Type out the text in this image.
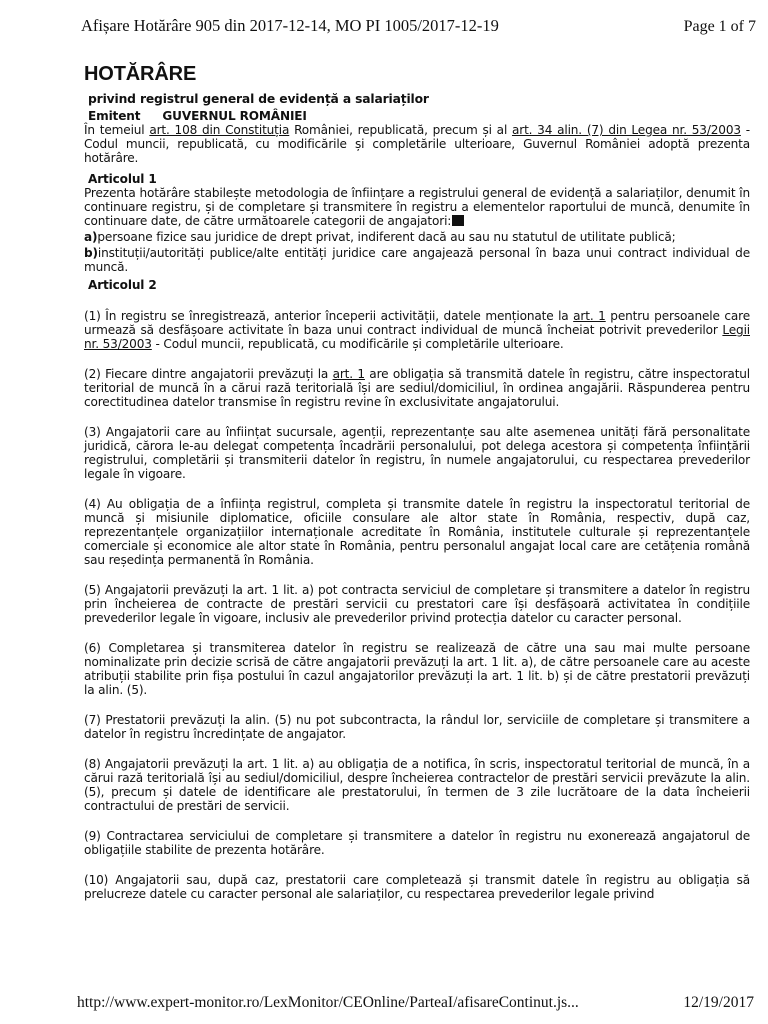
Afișare Hotărâre 905 din 2017-12-14, MO PI 1005/2017-12-19	Page 1 of 7
HOTĂRÂRE
privind registrul general de evidență a salariaților
Emitent GUVERNUL ROMÂNIEI

În temeiul art. 108 din Constituția României, republicată, precum și al art. 34 alin. (7) din Legea nr. 53/2003 - Codul muncii, republicată, cu modificările și completările ulterioare, Guvernul României adoptă prezenta hotărâre.

Articolul 1

Prezenta hotărâre stabilește metodologia de înființare a registrului general de evidență a salariaților, denumit în continuare registru, și de completare și transmitere în registru a elementelor raportului de muncă, denumite în continuare date, de către următoarele categorii de angajatori:

a)persoane fizice sau juridice de drept privat, indiferent dacă au sau nu statutul de utilitate publică;

b)instituții/autorități publice/alte entități juridice care angajează personal în baza unui contract individual de muncă.

Articolul 2

(1) În registru se înregistrează, anterior începerii activității, datele menționate la art. 1 pentru persoanele care urmează să desfășoare activitate în baza unui contract individual de muncă încheiat potrivit prevederilor Legii nr. 53/2003 - Codul muncii, republicată, cu modificările și completările ulterioare.

(2) Fiecare dintre angajatorii prevăzuți la art. 1 are obligația să transmită datele în registru, către inspectoratul teritorial de muncă în a cărui rază teritorială își are sediul/domiciliul, în ordinea angajării. Răspunderea pentru corectitudinea datelor transmise în registru revine în exclusivitate angajatorului.

(3) Angajatorii care au înființat sucursale, agenții, reprezentanțe sau alte asemenea unități fără personalitate juridică, cărora le-au delegat competența încadrării personalului, pot delega acestora și competența înființării registrului, completării și transmiterii datelor în registru, în numele angajatorului, cu respectarea prevederilor legale în vigoare.

(4) Au obligația de a înființa registrul, completa și transmite datele în registru la inspectoratul teritorial de muncă și misiunile diplomatice, oficiile consulare ale altor state în România, respectiv, după caz, reprezentanțele organizațiilor internaționale acreditate în România, institutele culturale și reprezentanțele comerciale și economice ale altor state în România, pentru personalul angajat local care are cetățenia română sau reședința permanentă în România.

(5) Angajatorii prevăzuți la art. 1 lit. a) pot contracta serviciul de completare și transmitere a datelor în registru prin încheierea de contracte de prestări servicii cu prestatori care își desfășoară activitatea în condițiile prevederilor legale în vigoare, inclusiv ale prevederilor privind protecția datelor cu caracter personal.

(6) Completarea și transmiterea datelor în registru se realizează de către una sau mai multe persoane nominalizate prin decizie scrisă de către angajatorii prevăzuți la art. 1 lit. a), de către persoanele care au aceste atribuții stabilite prin fișa postului în cazul angajatorilor prevăzuți la art. 1 lit. b) și de către prestatorii prevăzuți la alin. (5).

(7) Prestatorii prevăzuți la alin. (5) nu pot subcontracta, la rândul lor, serviciile de completare și transmitere a datelor în registru încredințate de angajator.

(8) Angajatorii prevăzuți la art. 1 lit. a) au obligația de a notifica, în scris, inspectoratul teritorial de muncă, în a cărui rază teritorială își au sediul/domiciliul, despre încheierea contractelor de prestări servicii prevăzute la alin. (5), precum și datele de identificare ale prestatorului, în termen de 3 zile lucrătoare de la data încheierii contractului de prestări de servicii.

(9) Contractarea serviciului de completare și transmitere a datelor în registru nu exonerează angajatorul de obligațiile stabilite de prezenta hotărâre.

(10) Angajatorii sau, după caz, prestatorii care completează și transmit datele în registru au obligația să prelucreze datele cu caracter personal ale salariaților, cu respectarea prevederilor legale privind

http://www.expert-monitor.ro/LexMonitor/CEOnline/ParteaI/afisareContinut.js...	12/19/2017
